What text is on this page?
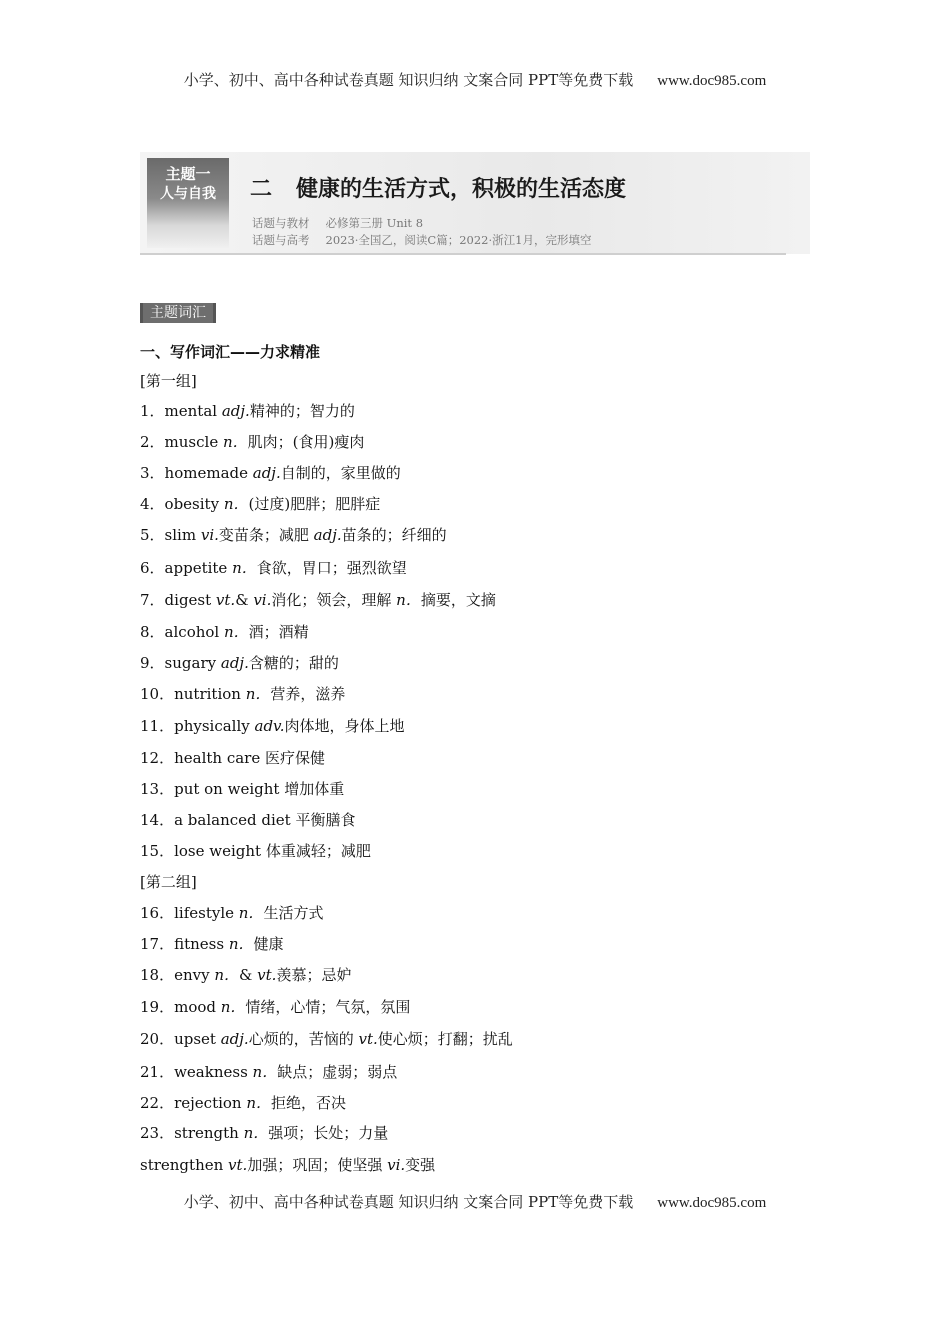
小学、初中、高中各种试卷真题 知识归纳 文案合同 PPT等免费下载 www.doc985.com
主题一
人与自我	二 健康的生活方式，积极的生活态度
话题与教材 必修第三册 Unit 8
话题与高考 2023·全国乙，阅读C篇；2022·浙江1月，完形填空
主题词汇
一、写作词汇——力求精准
[第一组]
[第二组]
1．mental adj.精神的；智力的
2．muscle n．肌肉；(食用)瘦肉
3．homemade adj.自制的，家里做的
4．obesity n．(过度)肥胖；肥胖症
5．slim vi.变苗条；减肥 adj.苗条的；纤细的
6．appetite n．食欲，胃口；强烈欲望
7．digest vt.& vi.消化；领会，理解 n．摘要，文摘
8．alcohol n．酒；酒精
9．sugary adj.含糖的；甜的
10．nutrition n．营养，滋养
11．physically adv.肉体地，身体上地
12．health care 医疗保健
13．put on weight 增加体重
14．a balanced diet 平衡膳食
15．lose weight 体重减轻；减肥
16．lifestyle n．生活方式
17．fitness n．健康
18．envy n．& vt.羡慕；忌妒
19．mood n．情绪，心情；气氛，氛围
20．upset adj.心烦的，苦恼的 vt.使心烦；打翻；扰乱
21．weakness n．缺点；虚弱；弱点
22．rejection n．拒绝，否决
23．strength n．强项；长处；力量
strengthen vt.加强；巩固；使坚强 vi.变强
小学、初中、高中各种试卷真题 知识归纳 文案合同 PPT等免费下载 www.doc985.com
